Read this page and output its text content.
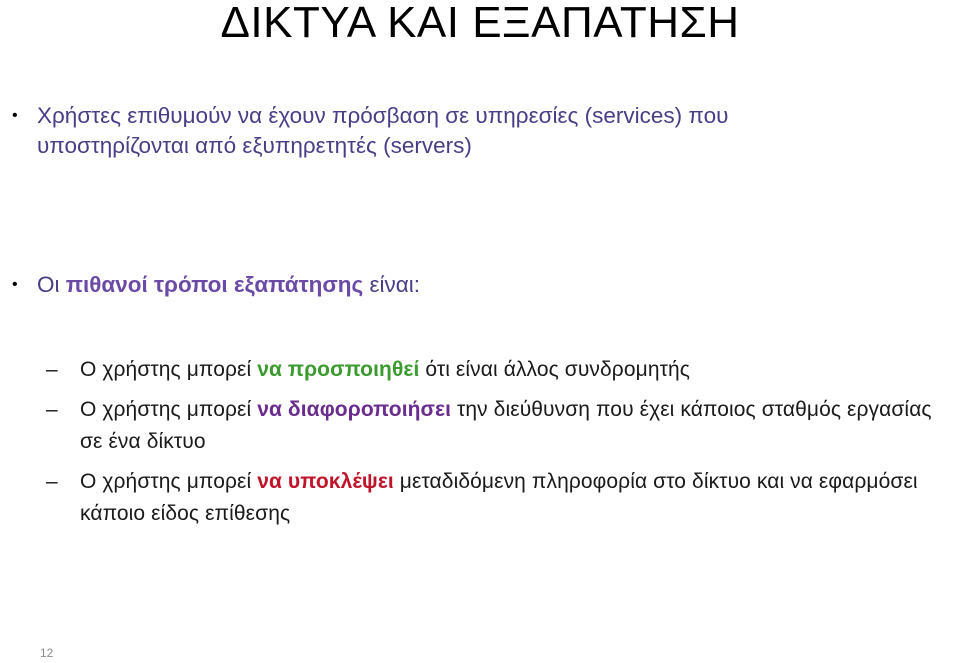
ΔΙΚΤΥΑ ΚΑΙ ΕΞΑΠΑΤΗΣΗ
• Χρήστες επιθυμούν να έχουν πρόσβαση σε υπηρεσίες (services) που
υποστηρίζονται από εξυπηρετητές (servers)
• Οι πιθανοί τρόποι εξαπάτησης είναι:
–	Ο χρήστης μπορεί να προσποιηθεί ότι είναι άλλος συνδρομητής
–	Ο χρήστης μπορεί να διαφοροποιήσει την διεύθυνση που έχει κάποιος σταθμός εργασίας σε ένα δίκτυο
–	Ο χρήστης μπορεί να υποκλέψει μεταδιδόμενη πληροφορία στο δίκτυο και να εφαρμόσει κάποιο είδος επίθεσης
12
